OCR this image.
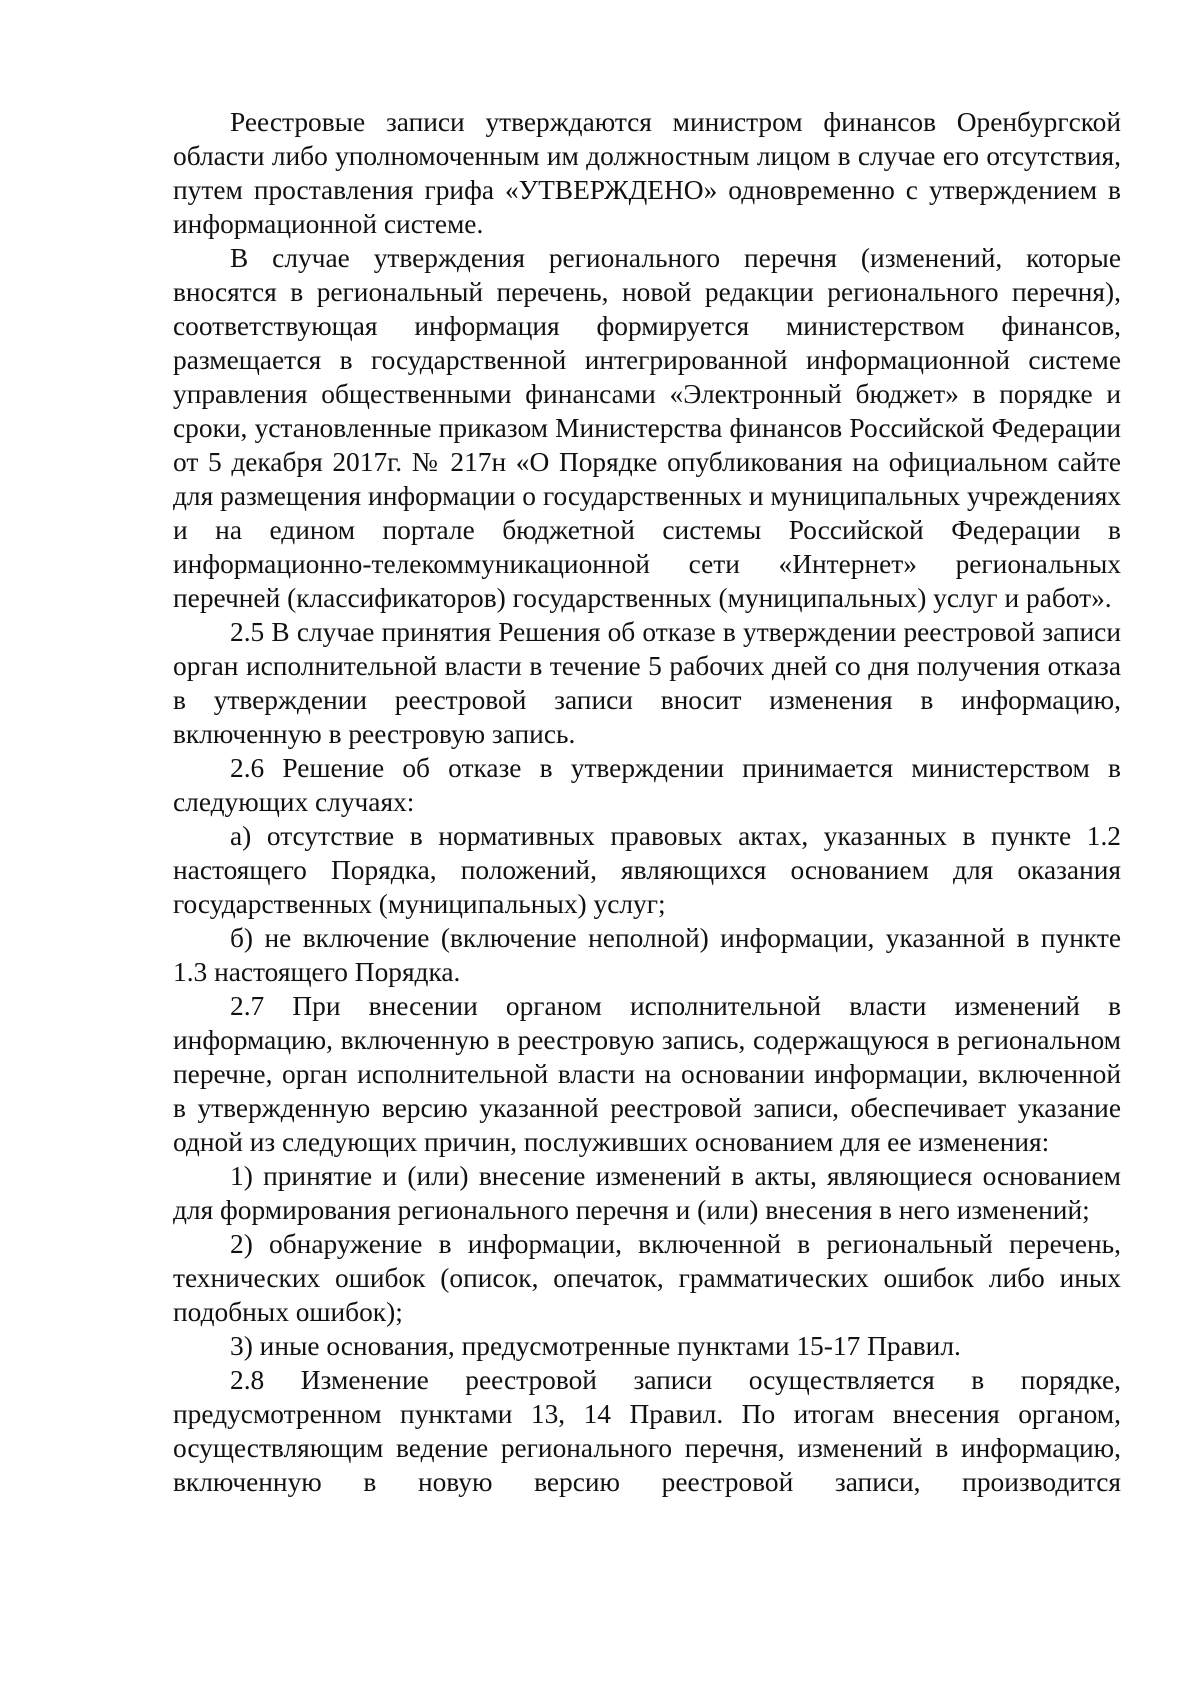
Реестровые записи утверждаются министром финансов Оренбургской области либо уполномоченным им должностным лицом в случае его отсутствия, путем проставления грифа «УТВЕРЖДЕНО» одновременно с утверждением в информационной системе.

В случае утверждения регионального перечня (изменений, которые вносятся в региональный перечень, новой редакции регионального перечня), соответствующая информация формируется министерством финансов, размещается в государственной интегрированной информационной системе управления общественными финансами «Электронный бюджет» в порядке и сроки, установленные приказом Министерства финансов Российской Федерации от 5 декабря 2017г. № 217н «О Порядке опубликования на официальном сайте для размещения информации о государственных и муниципальных учреждениях и на едином портале бюджетной системы Российской Федерации в информационно-телекоммуникационной сети «Интернет» региональных перечней (классификаторов) государственных (муниципальных) услуг и работ».

2.5 В случае принятия Решения об отказе в утверждении реестровой записи орган исполнительной власти в течение 5 рабочих дней со дня получения отказа в утверждении реестровой записи вносит изменения в информацию, включенную в реестровую запись.

2.6 Решение об отказе в утверждении принимается министерством в следующих случаях:

а) отсутствие в нормативных правовых актах, указанных в пункте 1.2 настоящего Порядка, положений, являющихся основанием для оказания государственных (муниципальных) услуг;

б) не включение (включение неполной) информации, указанной в пункте 1.3 настоящего Порядка.

2.7 При внесении органом исполнительной власти изменений в информацию, включенную в реестровую запись, содержащуюся в региональном перечне, орган исполнительной власти на основании информации, включенной в утвержденную версию указанной реестровой записи, обеспечивает указание одной из следующих причин, послуживших основанием для ее изменения:

1) принятие и (или) внесение изменений в акты, являющиеся основанием для формирования регионального перечня и (или) внесения в него изменений;

2) обнаружение в информации, включенной в региональный перечень, технических ошибок (описок, опечаток, грамматических ошибок либо иных подобных ошибок);

3) иные основания, предусмотренные пунктами 15-17 Правил.

2.8 Изменение реестровой записи осуществляется в порядке, предусмотренном пунктами 13, 14 Правил. По итогам внесения органом, осуществляющим ведение регионального перечня, изменений в информацию, включенную в новую версию реестровой записи, производится
